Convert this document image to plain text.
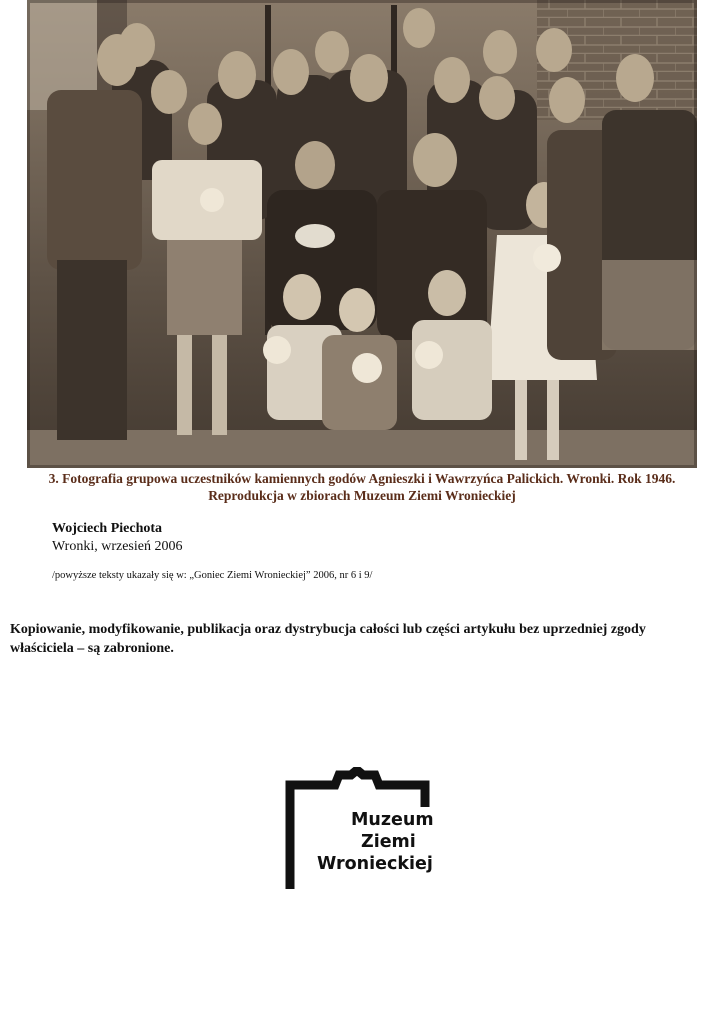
3. Fotografia grupowa uczestników kamiennych godów Agnieszki i Wawrzyńca Palickich. Wronki. Rok 1946.
Reprodukcja w zbiorach Muzeum Ziemi Wronieckiej
Wojciech Piechota
Wronki, wrzesień 2006
/powyższe teksty ukazały się w: „Goniec Ziemi Wronieckiej” 2006, nr 6 i 9/
Kopiowanie, modyfikowanie, publikacja oraz dystrybucja całości lub części artykułu bez uprzedniej zgody właściciela – są zabronione.
Muzeum
Ziemi
Wronieckiej
